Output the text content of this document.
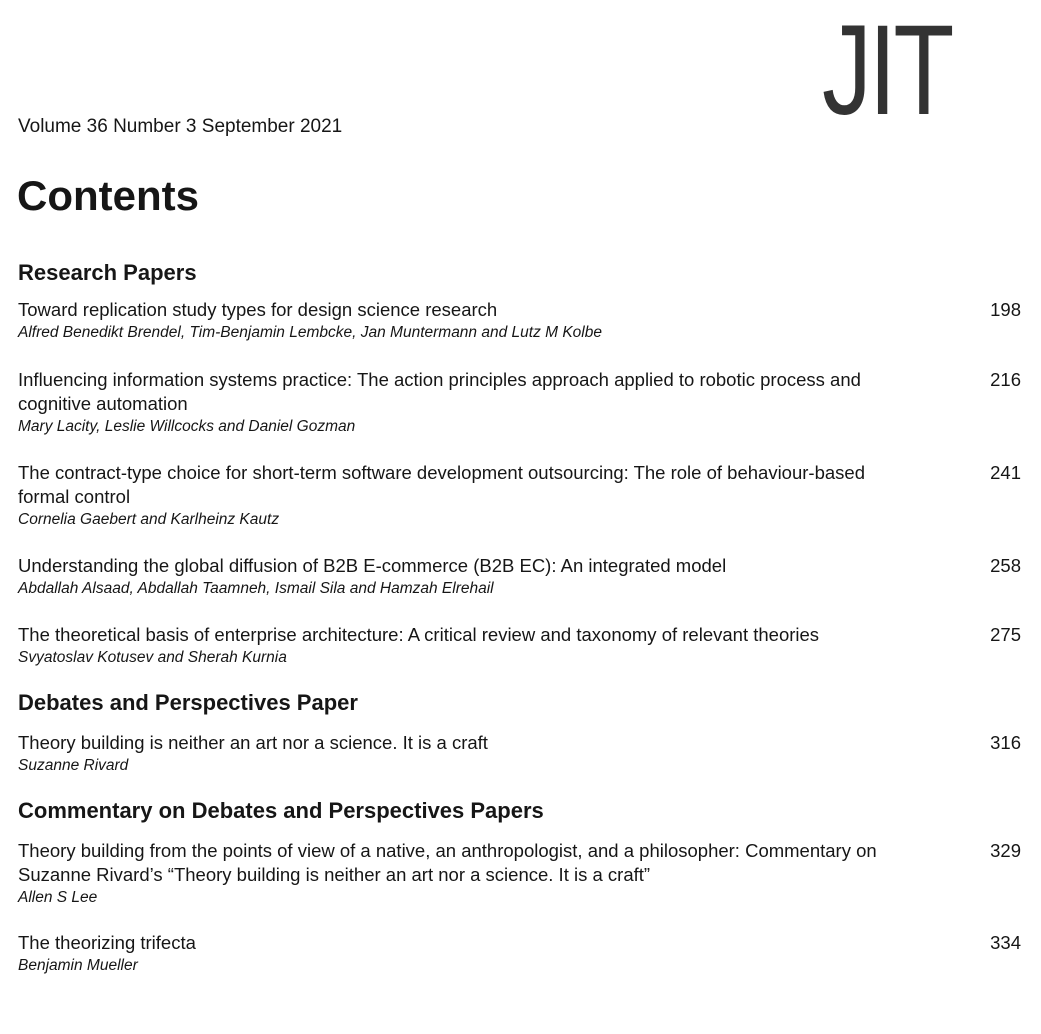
JIT
Volume 36 Number 3 September 2021
Contents
Research Papers
Toward replication study types for design science research
Alfred Benedikt Brendel, Tim-Benjamin Lembcke, Jan Muntermann and Lutz M Kolbe
198
Influencing information systems practice: The action principles approach applied to robotic process and cognitive automation
Mary Lacity, Leslie Willcocks and Daniel Gozman
216
The contract-type choice for short-term software development outsourcing: The role of behaviour-based formal control
Cornelia Gaebert and Karlheinz Kautz
241
Understanding the global diffusion of B2B E-commerce (B2B EC): An integrated model
Abdallah Alsaad, Abdallah Taamneh, Ismail Sila and Hamzah Elrehail
258
The theoretical basis of enterprise architecture: A critical review and taxonomy of relevant theories
Svyatoslav Kotusev and Sherah Kurnia
275
Debates and Perspectives Paper
Theory building is neither an art nor a science. It is a craft
Suzanne Rivard
316
Commentary on Debates and Perspectives Papers
Theory building from the points of view of a native, an anthropologist, and a philosopher: Commentary on Suzanne Rivard’s “Theory building is neither an art nor a science. It is a craft”
Allen S Lee
329
The theorizing trifecta
Benjamin Mueller
334
